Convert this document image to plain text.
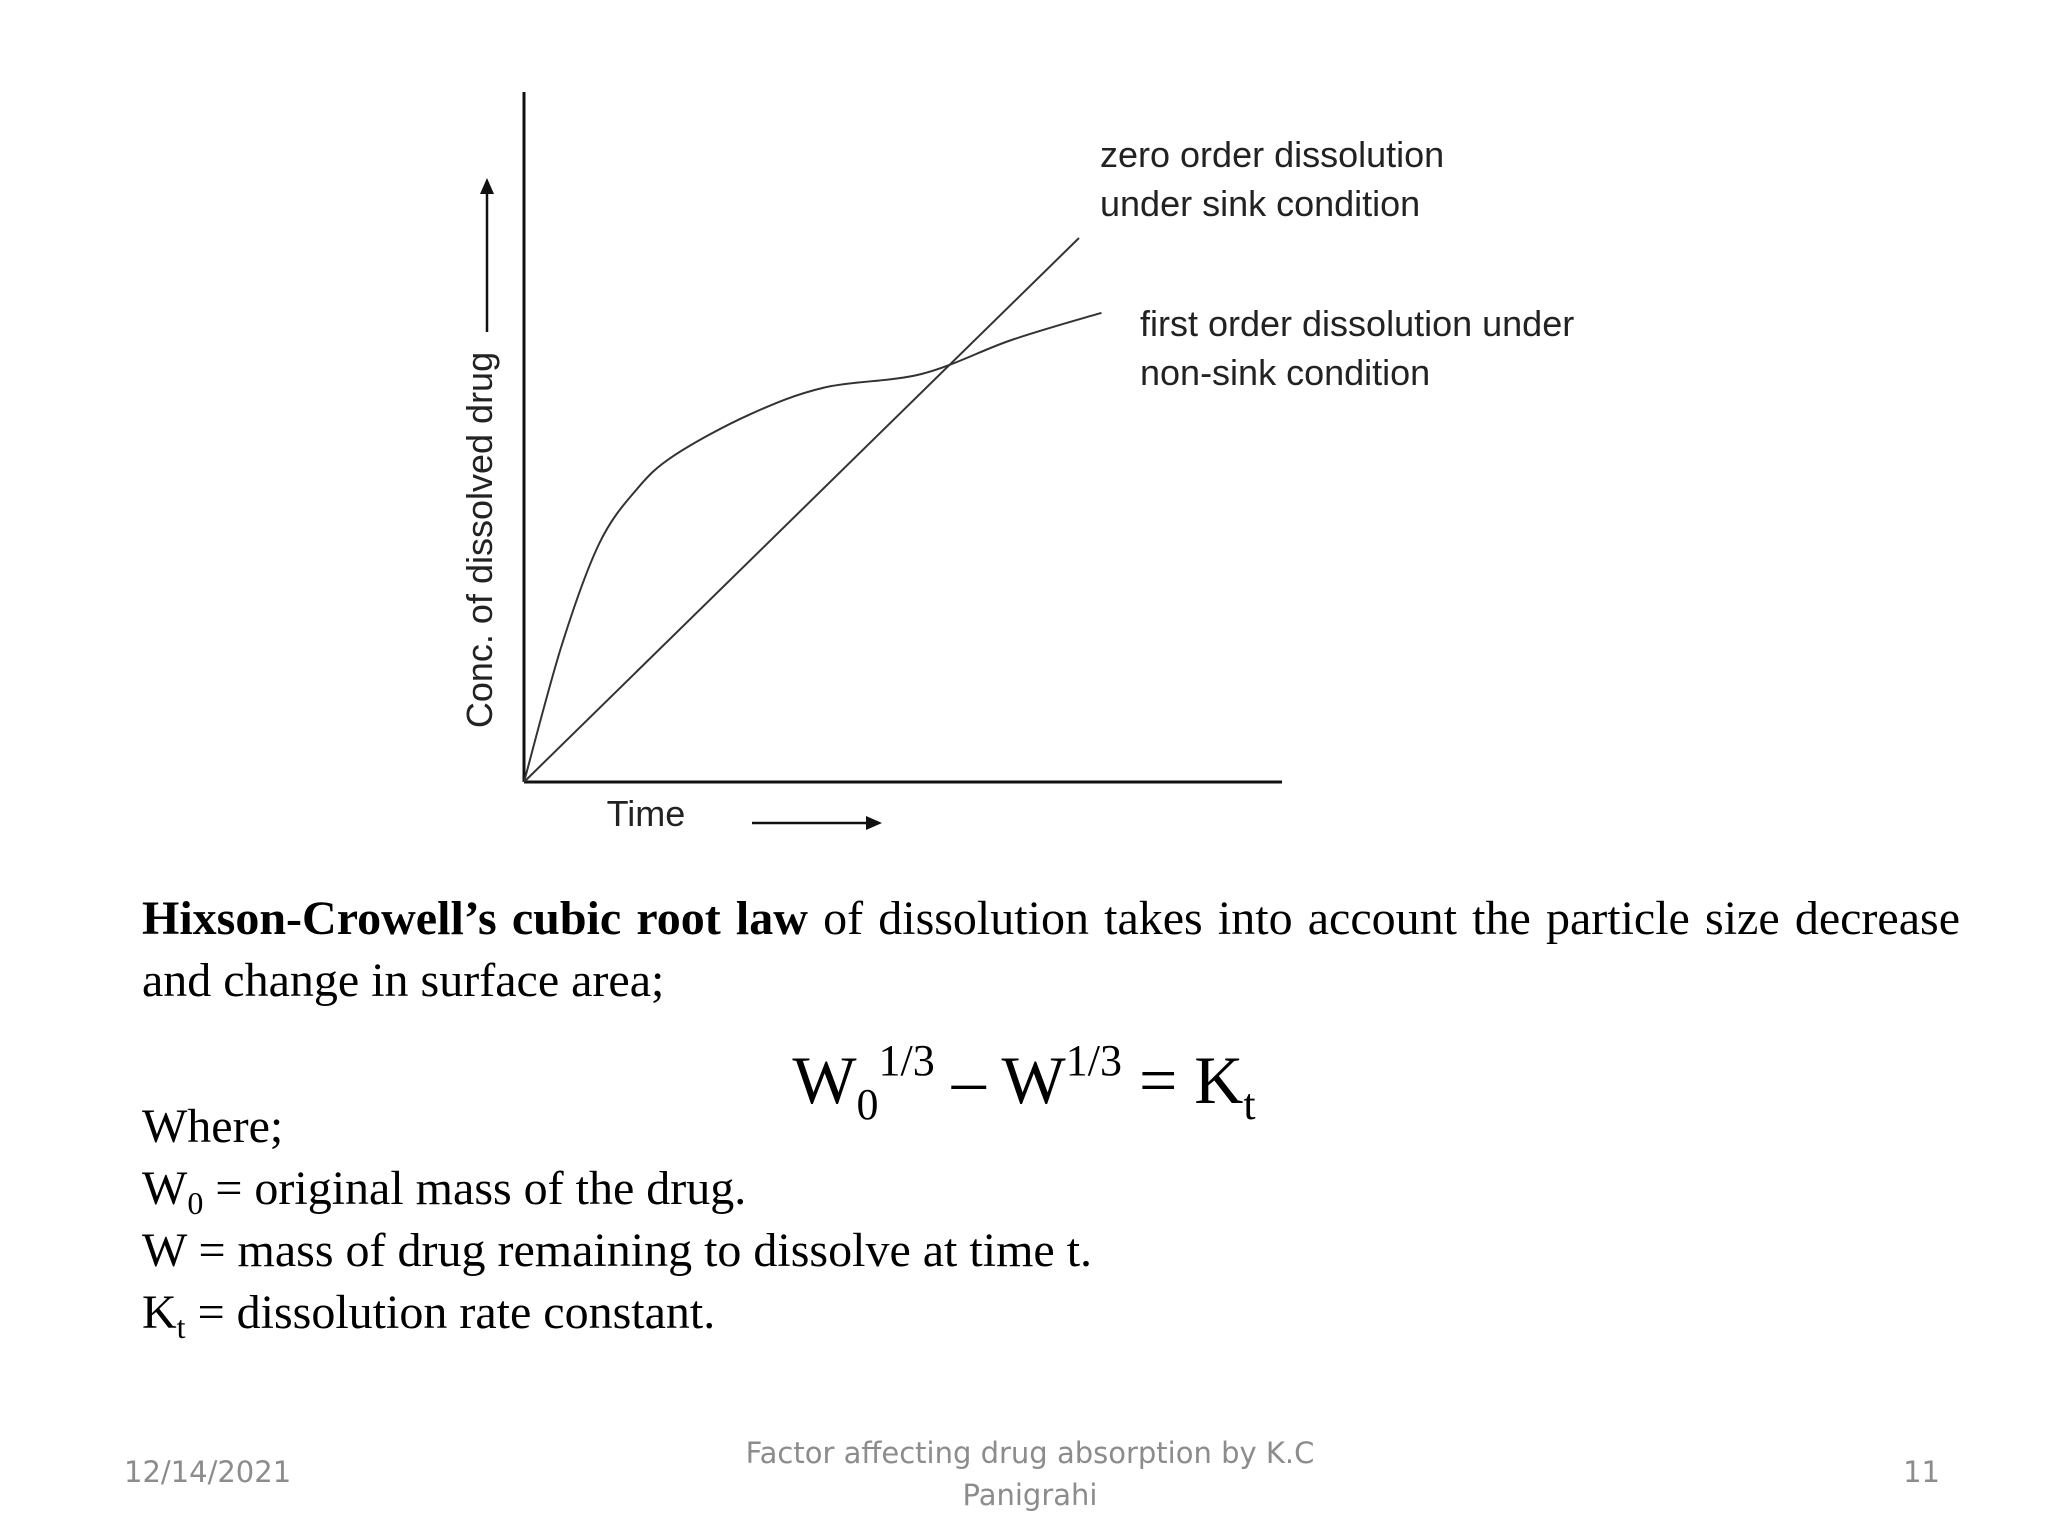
Conc. of dissolved drug
Time
zero order dissolution
under sink condition
first order dissolution under
non-sink condition

Hixson-Crowell’s cubic root law of dissolution takes into account the particle size decrease and change in surface area;

$W_0^{1/3} - W^{1/3} = K_t$
Where;
$W_0$ = original mass of the drug.
W = mass of drug remaining to dissolve at time t.
$K_t$ = dissolution rate constant.
12/14/2021
Factor affecting drug absorption by K.C
Panigrahi
11
